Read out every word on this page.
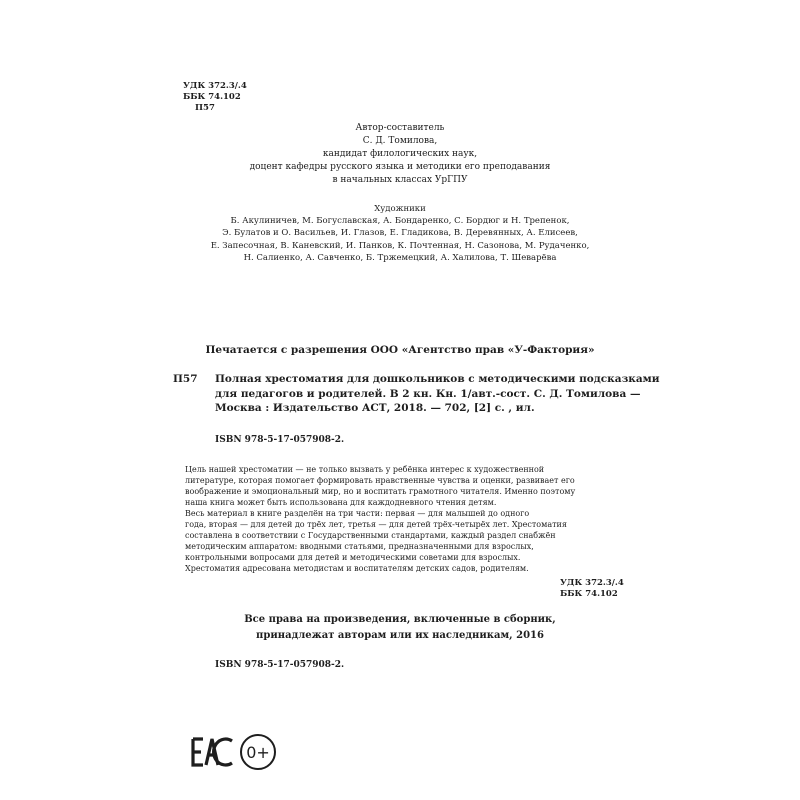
УДК 372.3/.4
ББК 74.102
П57
Автор-составитель
С. Д. Томилова,
кандидат филологических наук,
доцент кафедры русского языка и методики его преподавания
в начальных классах УрГПУ
Художники
Б. Акулиничев, М. Богуславская, А. Бондаренко, С. Бордюг и Н. Трепенок,
Э. Булатов и О. Васильев, И. Глазов, Е. Гладикова, В. Деревянных, А. Елисеев,
Е. Запесочная, В. Каневский, И. Панков, К. Почтенная, Н. Сазонова, М. Рудаченко,
Н. Салиенко, А. Савченко, Б. Тржемецкий, А. Халилова, Т. Шеварёва
Печатается с разрешения ООО «Агентство прав «У-Фактория»
П57 Полная хрестоматия для дошкольников с методическими подсказками
для педагогов и родителей. В 2 кн. Кн. 1/авт.-сост. С. Д. Томилова —
Москва : Издательство АСТ, 2018. — 702, [2] с. , ил.
ISBN 978-5-17-057908-2.
Цель нашей хрестоматии — не только вызвать у ребёнка интерес к художественной
литературе, которая помогает формировать нравственные чувства и оценки, развивает его
воображение и эмоциональный мир, но и воспитать грамотного читателя. Именно поэтому
наша книга может быть использована для каждодневного чтения детям.
Весь материал в книге разделён на три части: первая — для малышей до одного
года, вторая — для детей до трёх лет, третья — для детей трёх-четырёх лет. Хрестоматия
составлена в соответствии с Государственными стандартами, каждый раздел снабжён
методическим аппаратом: вводными статьями, предназначенными для взрослых,
контрольными вопросами для детей и методическими советами для взрослых.
Хрестоматия адресована методистам и воспитателям детских садов, родителям.
УДК 372.3/.4
ББК 74.102
Все права на произведения, включенные в сборник,
принадлежат авторам или их наследникам, 2016
ISBN 978-5-17-057908-2.
0+
